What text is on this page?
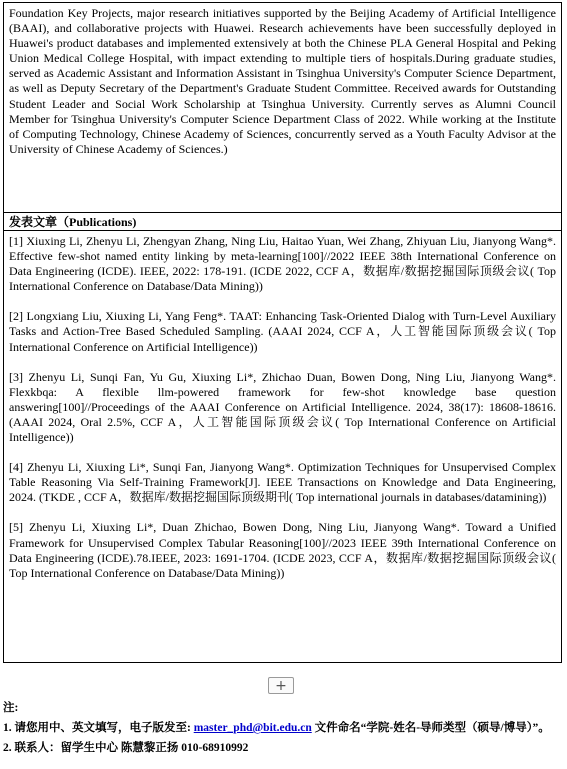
Foundation Key Projects, major research initiatives supported by the Beijing Academy of Artificial Intelligence (BAAI), and collaborative projects with Huawei. Research achievements have been successfully deployed in Huawei's product databases and implemented extensively at both the Chinese PLA General Hospital and Peking Union Medical College Hospital, with impact extending to multiple tiers of hospitals.During graduate studies, served as Academic Assistant and Information Assistant in Tsinghua University's Computer Science Department, as well as Deputy Secretary of the Department's Graduate Student Committee. Received awards for Outstanding Student Leader and Social Work Scholarship at Tsinghua University. Currently serves as Alumni Council Member for Tsinghua University's Computer Science Department Class of 2022. While working at the Institute of Computing Technology, Chinese Academy of Sciences, concurrently served as a Youth Faculty Advisor at the University of Chinese Academy of Sciences.)
发表文章（Publications)

[1] Xiuxing Li, Zhenyu Li, Zhengyan Zhang, Ning Liu, Haitao Yuan, Wei Zhang, Zhiyuan Liu, Jianyong Wang*. Effective few-shot named entity linking by meta-learning[100]//2022 IEEE 38th International Conference on Data Engineering (ICDE). IEEE, 2022: 178-191. (ICDE 2022, CCF A，数据库/数据挖掘国际顶级会议( Top International Conference on Database/Data Mining))

[2] Longxiang Liu, Xiuxing Li, Yang Feng*. TAAT: Enhancing Task-Oriented Dialog with Turn-Level Auxiliary Tasks and Action-Tree Based Scheduled Sampling. (AAAI 2024, CCF A，人工智能国际顶级会议( Top International Conference on Artificial Intelligence))

[3] Zhenyu Li, Sunqi Fan, Yu Gu, Xiuxing Li*, Zhichao Duan, Bowen Dong, Ning Liu, Jianyong Wang*. Flexkbqa: A flexible llm-powered framework for few-shot knowledge base question answering[100]//Proceedings of the AAAI Conference on Artificial Intelligence. 2024, 38(17): 18608-18616. (AAAI 2024, Oral 2.5%, CCF A，人工智能国际顶级会议( Top International Conference on Artificial Intelligence))

[4] Zhenyu Li, Xiuxing Li*, Sunqi Fan, Jianyong Wang*. Optimization Techniques for Unsupervised Complex Table Reasoning Via Self-Training Framework[J]. IEEE Transactions on Knowledge and Data Engineering, 2024. (TKDE , CCF A，数据库/数据挖掘国际顶级期刊( Top international journals in databases/datamining))

[5] Zhenyu Li, Xiuxing Li*, Duan Zhichao, Bowen Dong, Ning Liu, Jianyong Wang*. Toward a Unified Framework for Unsupervised Complex Tabular Reasoning[100]//2023 IEEE 39th International Conference on Data Engineering (ICDE).78.IEEE, 2023: 1691-1704. (ICDE 2023, CCF A，数据库/数据挖掘国际顶级会议( Top International Conference on Database/Data Mining))

+
注:
1. 请您用中、英文填写，电子版发至: master_phd@bit.edu.cn 文件命名“学院-姓名-导师类型（硕导/博导）”。
2. 联系人：留学生中心 陈慧黎正扬 010-68910992
